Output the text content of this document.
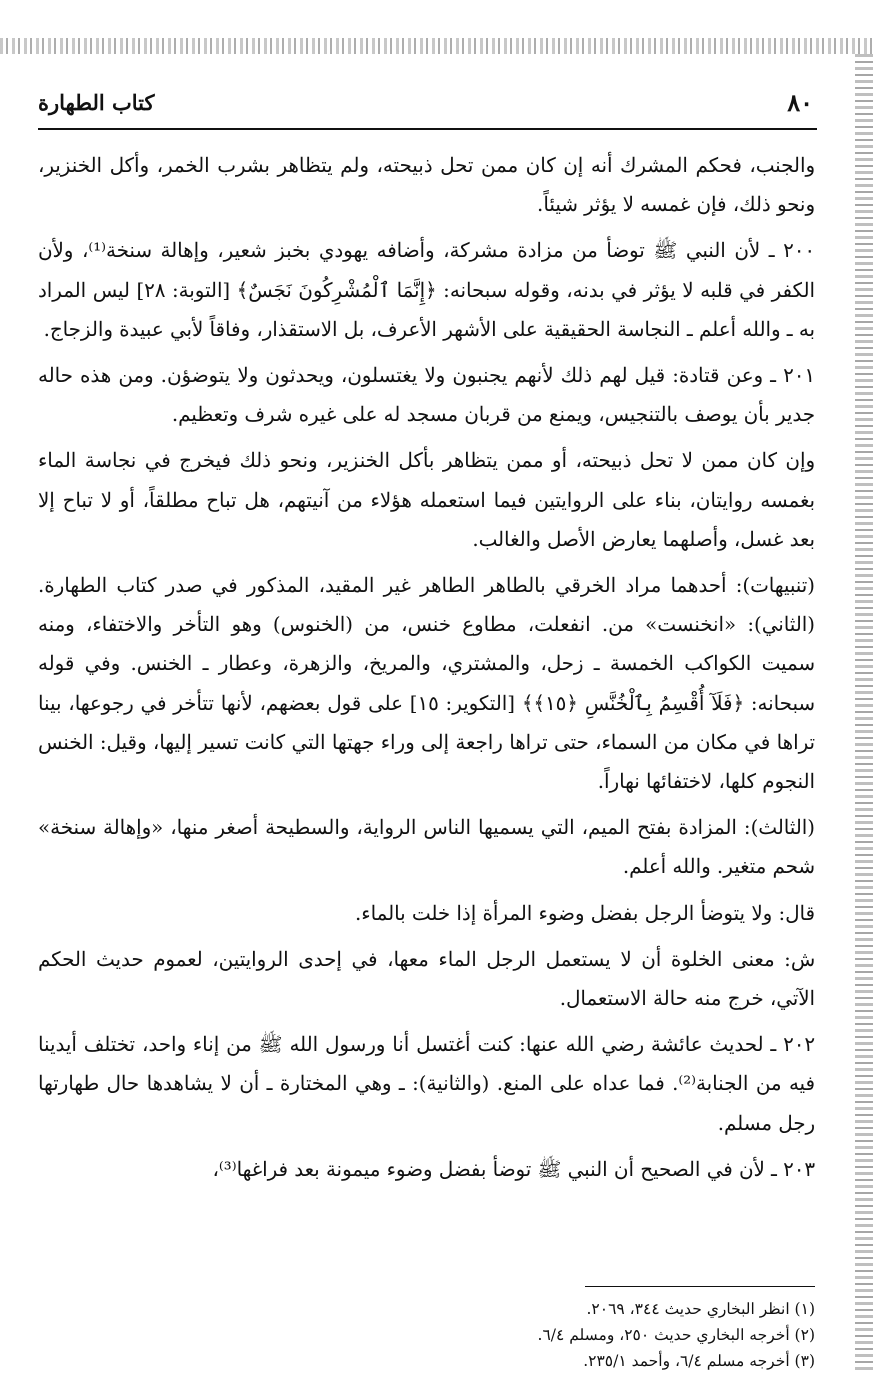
كتاب الطهارة	٨٠

والجنب، فحكم المشرك أنه إن كان ممن تحل ذبيحته، ولم يتظاهر بشرب الخمر، وأكل الخنزير، ونحو ذلك، فإن غمسه لا يؤثر شيئاً.

٢٠٠ ـ لأن النبي ﷺ توضأ من مزادة مشركة، وأضافه يهودي بخبز شعير، وإهالة سنخة⁽¹⁾، ولأن الكفر في قلبه لا يؤثر في بدنه، وقوله سبحانه: ﴿إِنَّمَا ٱلْمُشْرِكُونَ نَجَسٌ﴾ [التوبة: ٢٨] ليس المراد به ـ والله أعلم ـ النجاسة الحقيقية على الأشهر الأعرف، بل الاستقذار، وفاقاً لأبي عبيدة والزجاج.

٢٠١ ـ وعن قتادة: قيل لهم ذلك لأنهم يجنبون ولا يغتسلون، ويحدثون ولا يتوضؤن. ومن هذه حاله جدير بأن يوصف بالتنجيس، ويمنع من قربان مسجد له على غيره شرف وتعظيم.

وإن كان ممن لا تحل ذبيحته، أو ممن يتظاهر بأكل الخنزير، ونحو ذلك فيخرج في نجاسة الماء بغمسه روايتان، بناء على الروايتين فيما استعمله هؤلاء من آنيتهم، هل تباح مطلقاً، أو لا تباح إلا بعد غسل، وأصلهما يعارض الأصل والغالب.

(تنبيهات): أحدهما مراد الخرقي بالطاهر الطاهر غير المقيد، المذكور في صدر كتاب الطهارة. (الثاني): «انخنست» من. انفعلت، مطاوع خنس، من (الخنوس) وهو التأخر والاختفاء، ومنه سميت الكواكب الخمسة ـ زحل، والمشتري، والمريخ، والزهرة، وعطار ـ الخنس. وفي قوله سبحانه: ﴿فَلَآ أُقْسِمُ بِٱلْخُنَّسِ ﴿١٥﴾﴾ [التكوير: ١٥] على قول بعضهم، لأنها تتأخر في رجوعها، بينا تراها في مكان من السماء، حتى تراها راجعة إلى وراء جهتها التي كانت تسير إليها، وقيل: الخنس النجوم كلها، لاختفائها نهاراً.

(الثالث): المزادة بفتح الميم، التي يسميها الناس الرواية، والسطيحة أصغر منها، «وإهالة سنخة» شحم متغير. والله أعلم.

قال: ولا يتوضأ الرجل بفضل وضوء المرأة إذا خلت بالماء.

ش: معنى الخلوة أن لا يستعمل الرجل الماء معها، في إحدى الروايتين، لعموم حديث الحكم الآتي، خرج منه حالة الاستعمال.

٢٠٢ ـ لحديث عائشة رضي الله عنها: كنت أغتسل أنا ورسول الله ﷺ من إناء واحد، تختلف أيدينا فيه من الجنابة⁽²⁾. فما عداه على المنع. (والثانية): ـ وهي المختارة ـ أن لا يشاهدها حال طهارتها رجل مسلم.

٢٠٣ ـ لأن في الصحيح أن النبي ﷺ توضأ بفضل وضوء ميمونة بعد فراغها⁽³⁾،

(١) انظر البخاري حديث ٣٤٤، ٢٠٦٩.
(٢) أخرجه البخاري حديث ٢٥٠، ومسلم ٦/٤.
(٣) أخرجه مسلم ٦/٤، وأحمد ٢٣٥/١.
